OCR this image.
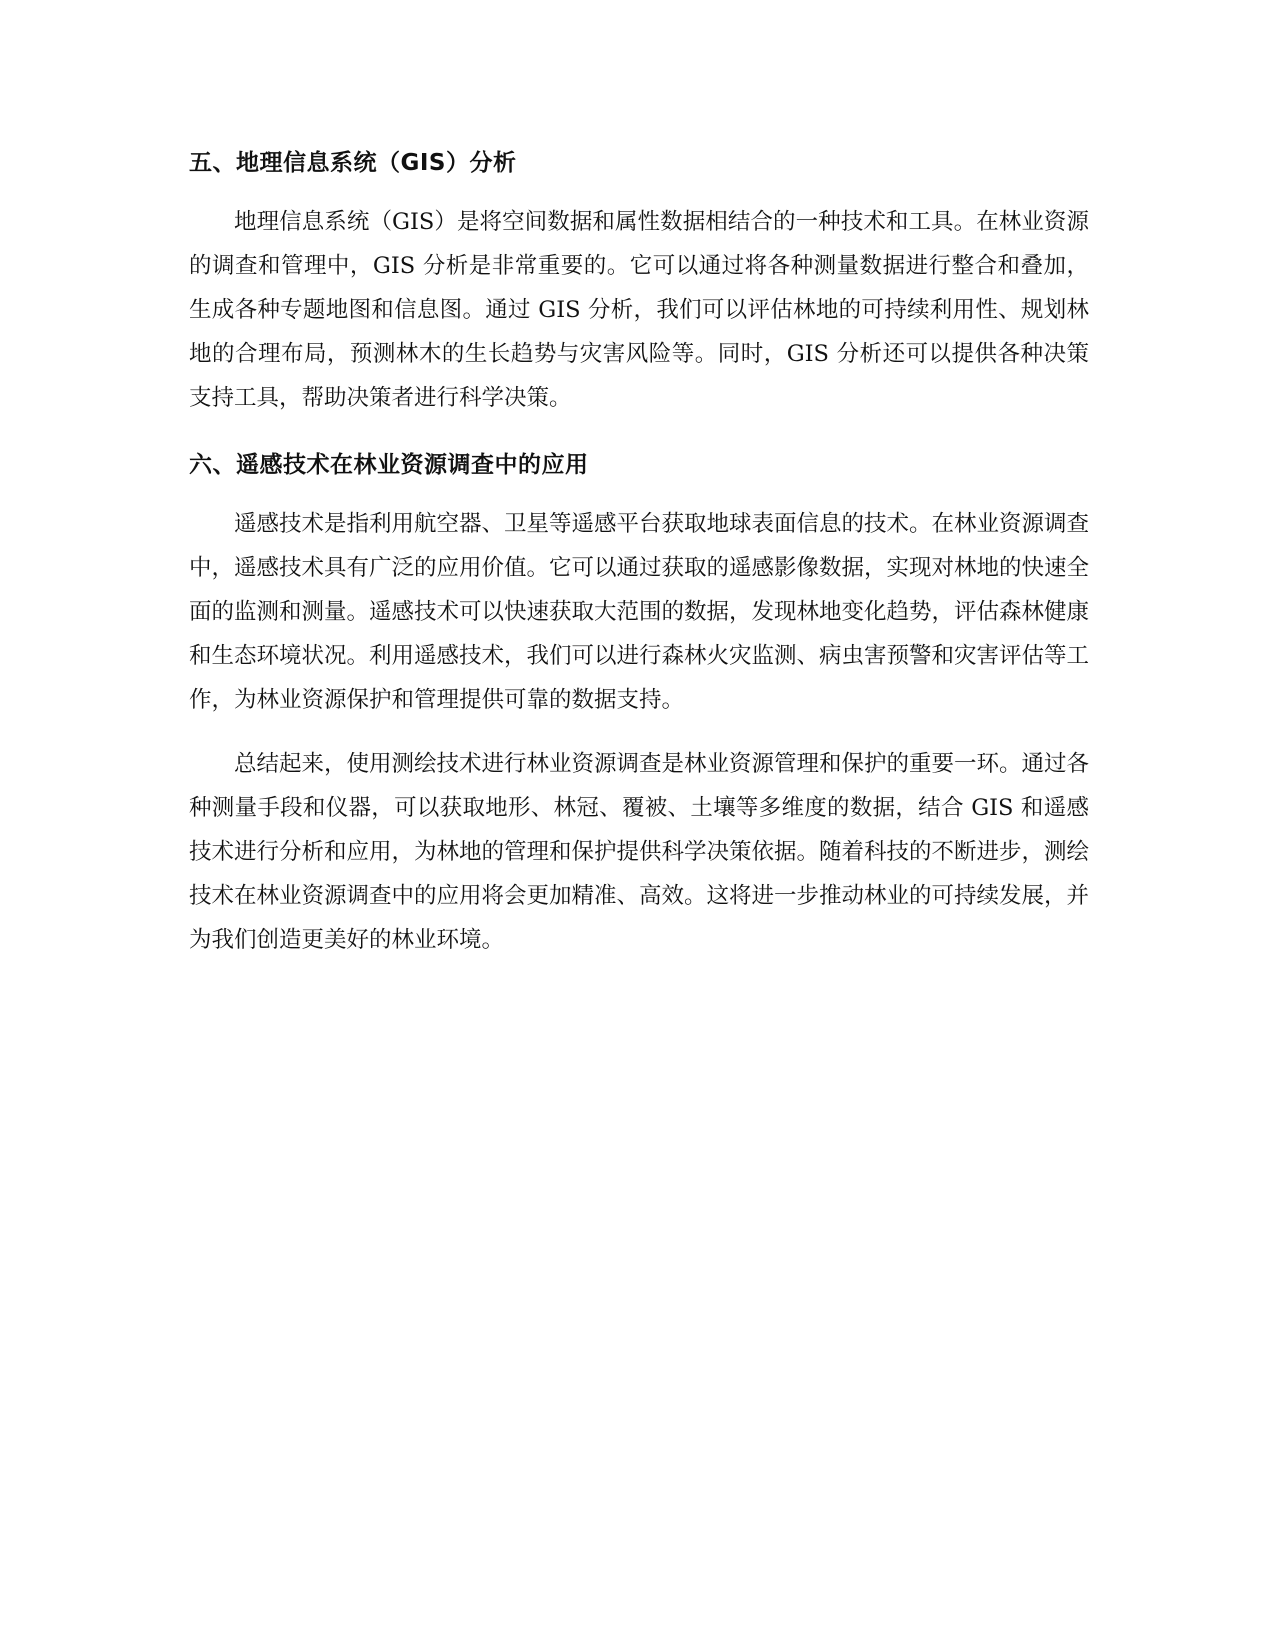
五、地理信息系统（GIS）分析

地理信息系统（GIS）是将空间数据和属性数据相结合的一种技术和工具。在林业资源的调查和管理中，GIS 分析是非常重要的。它可以通过将各种测量数据进行整合和叠加，生成各种专题地图和信息图。通过 GIS 分析，我们可以评估林地的可持续利用性、规划林地的合理布局，预测林木的生长趋势与灾害风险等。同时，GIS 分析还可以提供各种决策支持工具，帮助决策者进行科学决策。

六、遥感技术在林业资源调查中的应用

遥感技术是指利用航空器、卫星等遥感平台获取地球表面信息的技术。在林业资源调查中，遥感技术具有广泛的应用价值。它可以通过获取的遥感影像数据，实现对林地的快速全面的监测和测量。遥感技术可以快速获取大范围的数据，发现林地变化趋势，评估森林健康和生态环境状况。利用遥感技术，我们可以进行森林火灾监测、病虫害预警和灾害评估等工作，为林业资源保护和管理提供可靠的数据支持。

总结起来，使用测绘技术进行林业资源调查是林业资源管理和保护的重要一环。通过各种测量手段和仪器，可以获取地形、林冠、覆被、土壤等多维度的数据，结合 GIS 和遥感技术进行分析和应用，为林地的管理和保护提供科学决策依据。随着科技的不断进步，测绘技术在林业资源调查中的应用将会更加精准、高效。这将进一步推动林业的可持续发展，并为我们创造更美好的林业环境。
